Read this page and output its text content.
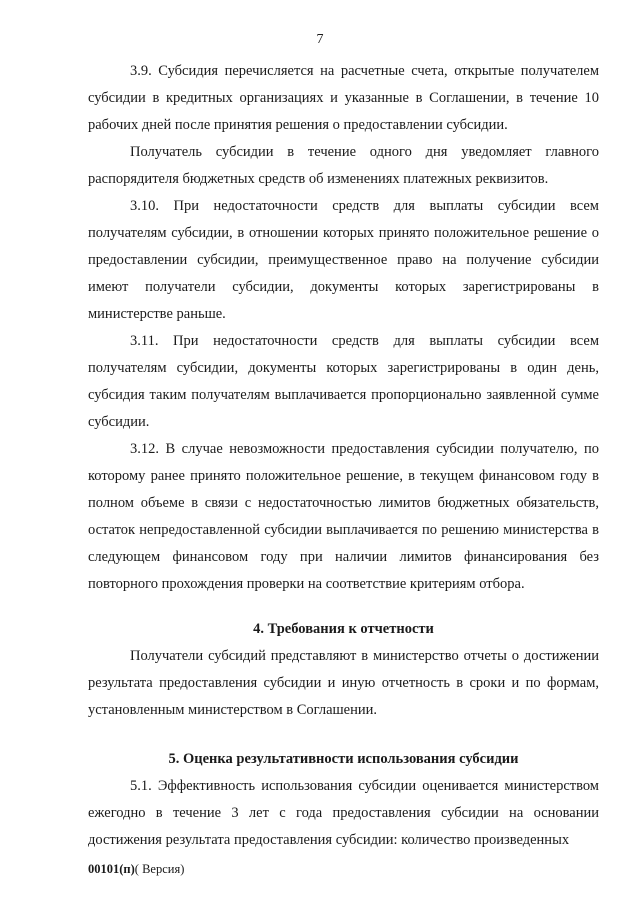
7

3.9. Субсидия перечисляется на расчетные счета, открытые получателем субсидии в кредитных организациях и указанные в Соглашении, в течение 10 рабочих дней после принятия решения о предоставлении субсидии.

Получатель субсидии в течение одного дня уведомляет главного распорядителя бюджетных средств об изменениях платежных реквизитов.

3.10. При недостаточности средств для выплаты субсидии всем получателям субсидии, в отношении которых принято положительное решение о предоставлении субсидии, преимущественное право на получение субсидии имеют получатели субсидии, документы которых зарегистрированы в министерстве раньше.

3.11. При недостаточности средств для выплаты субсидии всем получателям субсидии, документы которых зарегистрированы в один день, субсидия таким получателям выплачивается пропорционально заявленной сумме субсидии.

3.12. В случае невозможности предоставления субсидии получателю, по которому ранее принято положительное решение, в текущем финансовом году в полном объеме в связи с недостаточностью лимитов бюджетных обязательств, остаток непредоставленной субсидии выплачивается по решению министерства в следующем финансовом году при наличии лимитов финансирования без повторного прохождения проверки на соответствие критериям отбора.

4. Требования к отчетности

Получатели субсидий представляют в министерство отчеты о достижении результата предоставления субсидии и иную отчетность в сроки и по формам, установленным министерством в Соглашении.

5. Оценка результативности использования субсидии

5.1. Эффективность использования субсидии оценивается министерством ежегодно в течение 3 лет с года предоставления субсидии на основании достижения результата предоставления субсидии: количество произведенных

00101(п)( Версия)
